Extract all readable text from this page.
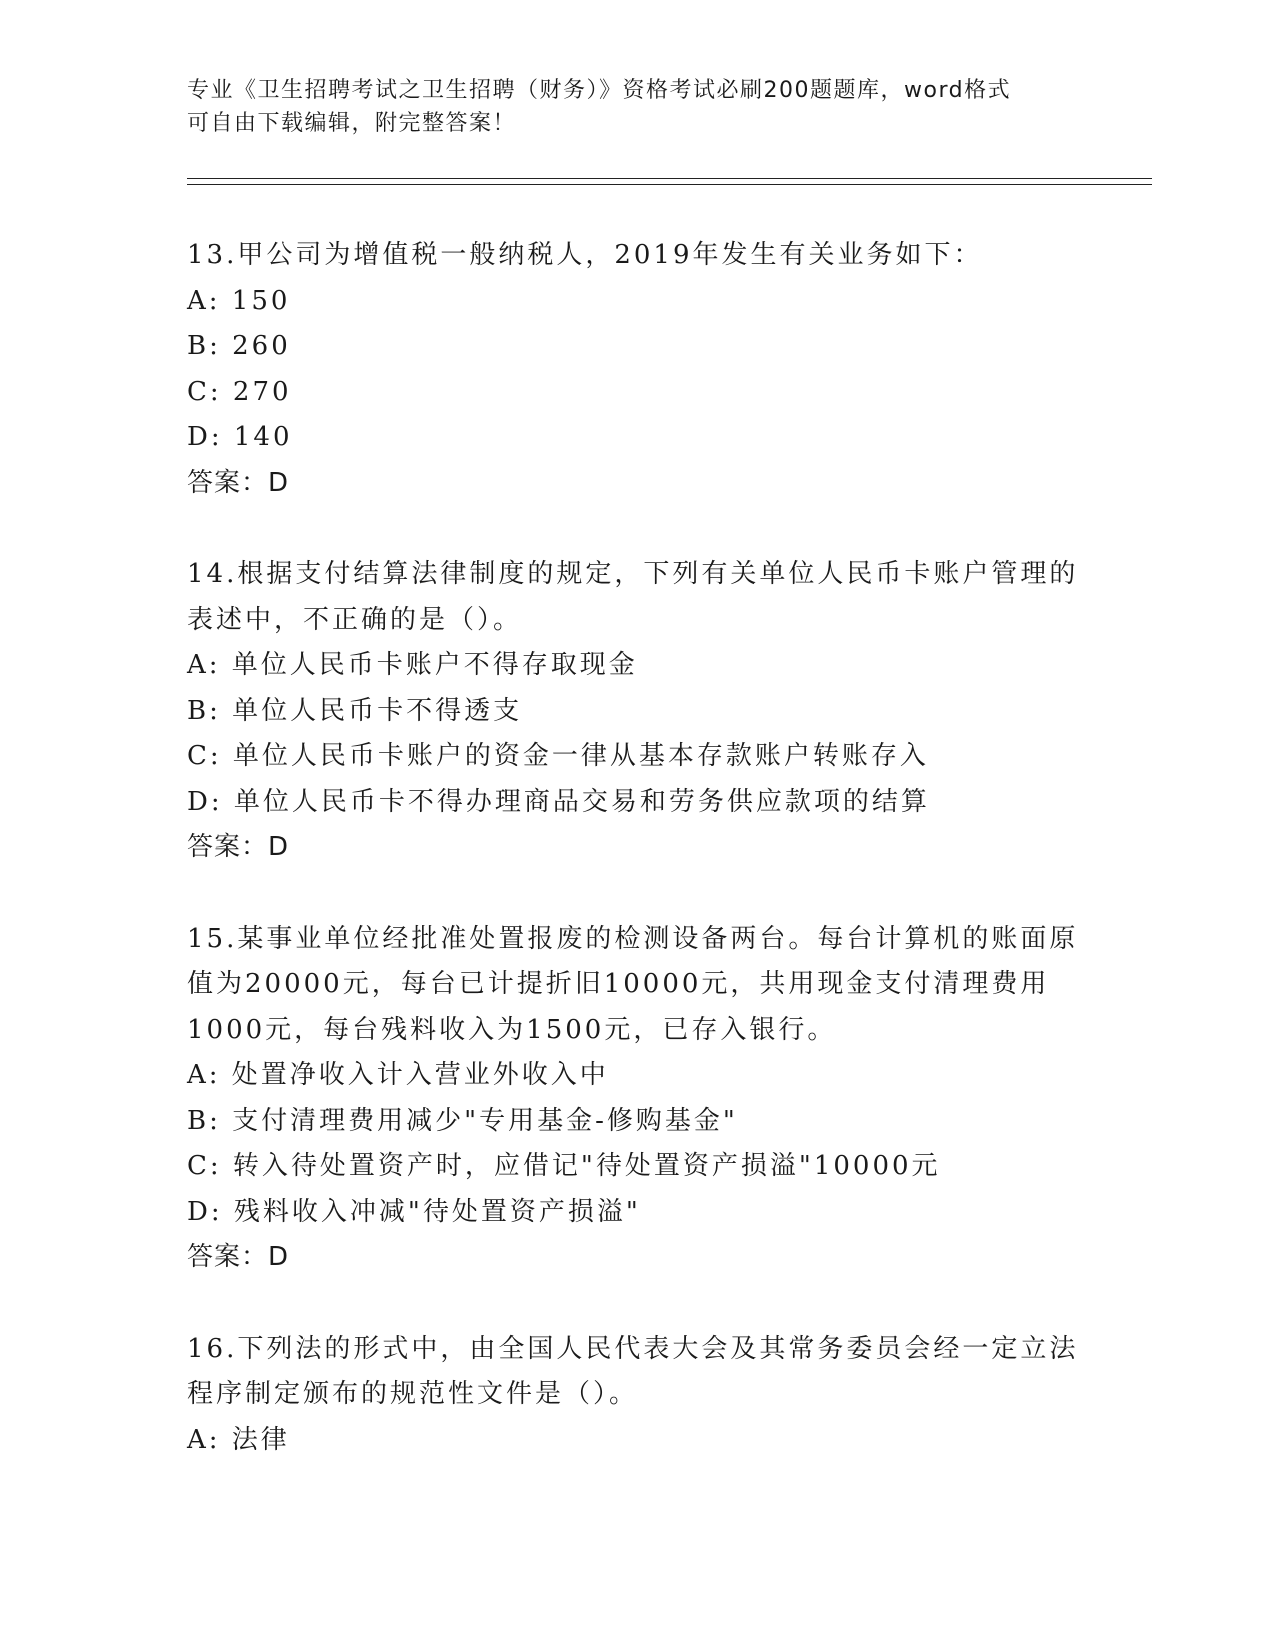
专业《卫生招聘考试之卫生招聘（财务）》资格考试必刷200题题库，word格式
可自由下载编辑，附完整答案！
13.甲公司为增值税一般纳税人，2019年发生有关业务如下：
A: 150
B: 260
C: 270
D: 140
答案：D
14.根据支付结算法律制度的规定，下列有关单位人民币卡账户管理的表述中，不正确的是（）。
A: 单位人民币卡账户不得存取现金
B: 单位人民币卡不得透支
C: 单位人民币卡账户的资金一律从基本存款账户转账存入
D: 单位人民币卡不得办理商品交易和劳务供应款项的结算
答案：D
15.某事业单位经批准处置报废的检测设备两台。每台计算机的账面原值为20000元，每台已计提折旧10000元，共用现金支付清理费用1000元，每台残料收入为1500元，已存入银行。
A: 处置净收入计入营业外收入中
B: 支付清理费用减少"专用基金-修购基金"
C: 转入待处置资产时，应借记"待处置资产损溢"10000元
D: 残料收入冲减"待处置资产损溢"
答案：D
16.下列法的形式中，由全国人民代表大会及其常务委员会经一定立法程序制定颁布的规范性文件是（）。
A: 法律
